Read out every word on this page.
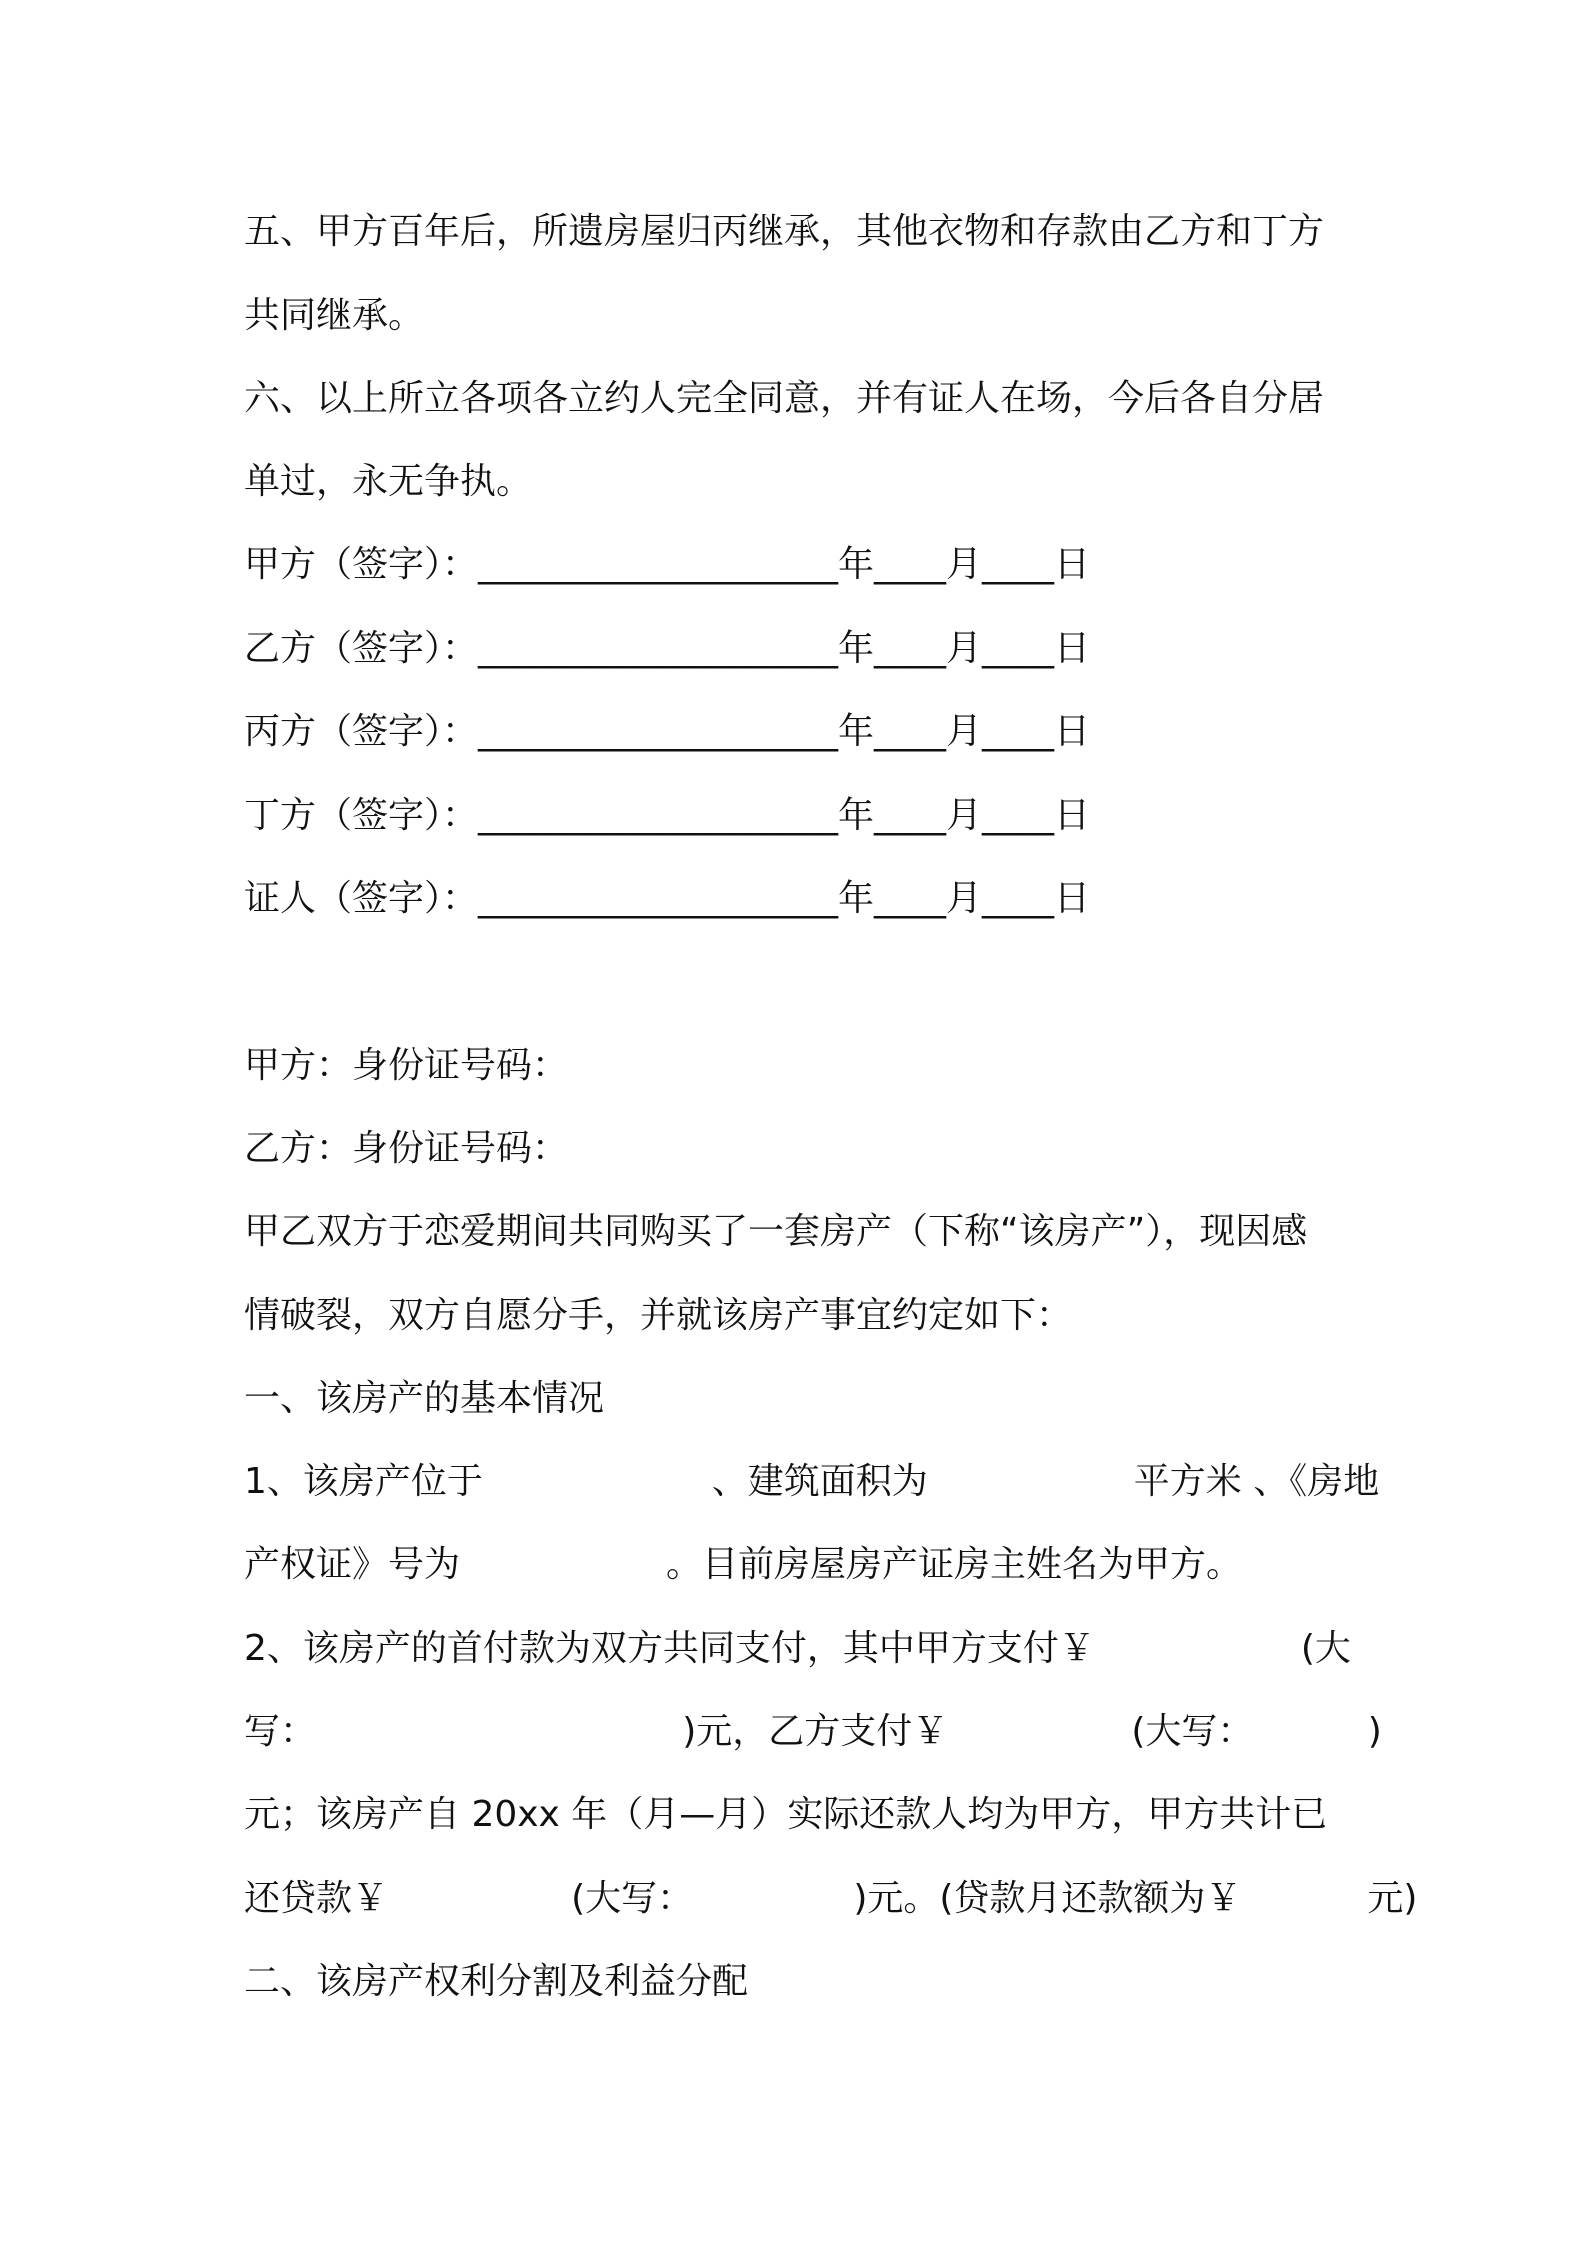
五、甲方百年后，所遗房屋归丙继承，其他衣物和存款由乙方和丁方

共同继承。

六、以上所立各项各立约人完全同意，并有证人在场，今后各自分居

单过，永无争执。

甲方（签字）：____________________年____月____日

乙方（签字）：____________________年____月____日

丙方（签字）：____________________年____月____日

丁方（签字）：____________________年____月____日

证人（签字）：____________________年____月____日

甲方：身份证号码：

乙方：身份证号码：

甲乙双方于恋爱期间共同购买了一套房产（下称“该房产”），现因感

情破裂，双方自愿分手，并就该房产事宜约定如下：

一、该房产的基本情况

1、该房产位于                    、建筑面积为                  平方米 、《房地

产权证》号为                  。目前房屋房产证房主姓名为甲方。

2、该房产的首付款为双方共同支付，其中甲方支付￥                  (大

写：                                )元，乙方支付￥                (大写：          )

元；该房产自 20xx 年（月—月）实际还款人均为甲方，甲方共计已

还贷款￥                (大写：              )元。(贷款月还款额为￥           元)

二、该房产权利分割及利益分配
